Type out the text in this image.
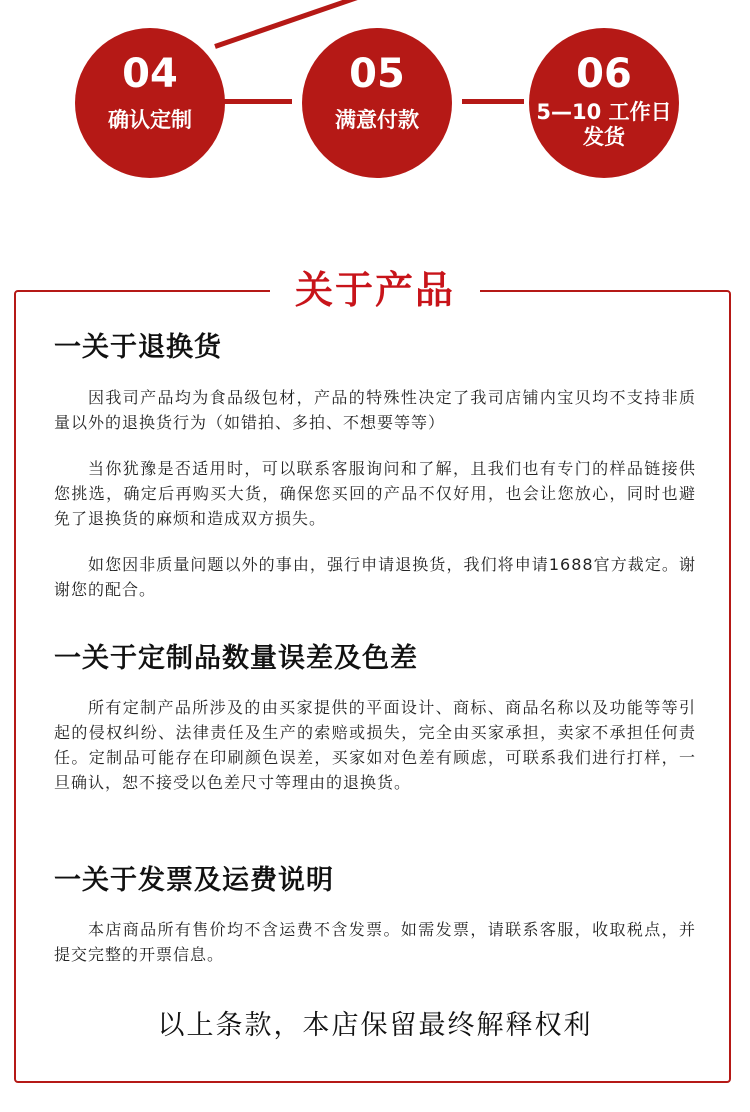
04
确认定制
05
满意付款
06
5—10 工作日
发货
关于产品
一关于退换货
因我司产品均为食品级包材，产品的特殊性决定了我司店铺内宝贝均不支持非质量以外的退换货行为（如错拍、多拍、不想要等等）
当你犹豫是否适用时，可以联系客服询问和了解，且我们也有专门的样品链接供您挑选，确定后再购买大货，确保您买回的产品不仅好用，也会让您放心，同时也避免了退换货的麻烦和造成双方损失。
如您因非质量问题以外的事由，强行申请退换货，我们将申请1688官方裁定。谢谢您的配合。
一关于定制品数量误差及色差
所有定制产品所涉及的由买家提供的平面设计、商标、商品名称以及功能等等引起的侵权纠纷、法律责任及生产的索赔或损失，完全由买家承担，卖家不承担任何责任。定制品可能存在印刷颜色误差，买家如对色差有顾虑，可联系我们进行打样，一旦确认，恕不接受以色差尺寸等理由的退换货。
一关于发票及运费说明
本店商品所有售价均不含运费不含发票。如需发票，请联系客服，收取税点，并提交完整的开票信息。
以上条款，本店保留最终解释权利
